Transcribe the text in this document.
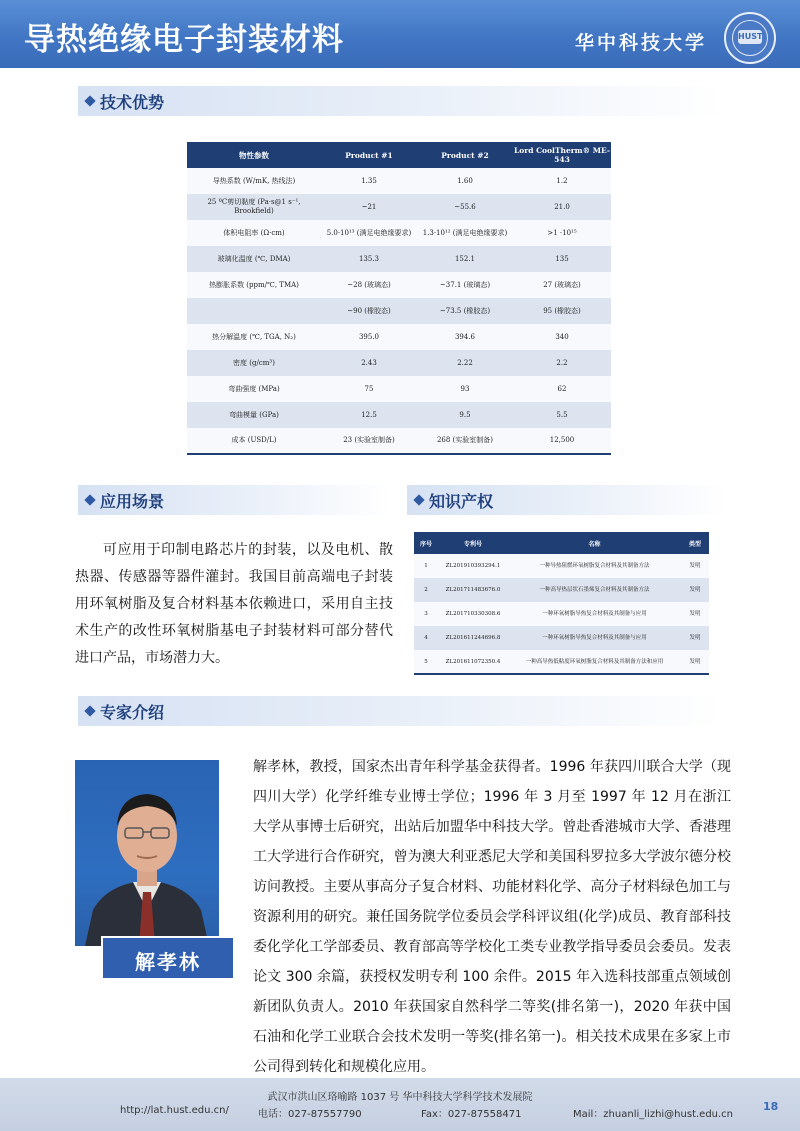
导热绝缘电子封装材料	华中科技大学	HUST
技术优势
物性参数	Product #1	Product #2	Lord CoolTherm® ME-543
导热系数 (W/mK, 热线法)	1.35	1.60	1.2
25 ºC剪切黏度 (Pa·s@1 s⁻¹, Brookfield)	~21	~55.6	21.0
体积电阻率 (Ω·cm)	5.0·10¹³ (满足电绝缘要求)	1.3·10¹² (满足电绝缘要求)	>1 ·10¹⁵
玻璃化温度 (℃, DMA)	135.3	152.1	135
热膨胀系数 (ppm/℃, TMA)	~28 (玻璃态)	~37.1 (玻璃态)	27 (玻璃态)
	~90 (橡胶态)	~73.5 (橡胶态)	95 (橡胶态)
热分解温度 (℃, TGA, N₂)	395.0	394.6	340
密度 (g/cm³)	2.43	2.22	2.2
弯曲强度 (MPa)	75	93	62
弯曲模量 (GPa)	12.5	9.5	5.5
成本 (USD/L)	23 (实验室制备)	268 (实验室制备)	12,500
应用场景
可应用于印制电路芯片的封装，以及电机、散热器、传感器等器件灌封。我国目前高端电子封装用环氧树脂及复合材料基本依赖进口，采用自主技术生产的改性环氧树脂基电子封装材料可部分替代进口产品，市场潜力大。
知识产权
序号	专利号	名称	类型
1	ZL201910393294.1	一种导热阻燃环氧树脂复合材料及其制备方法	发明
2	ZL201711483676.0	一种高导热层状石墨烯复合材料及其制备方法	发明
3	ZL201710330308.6	一种环氧树脂导热复合材料及其制备与应用	发明
4	ZL201611244696.8	一种环氧树脂导热复合材料及其制备与应用	发明
5	ZL201611072350.4	一种高导热低粘度环氧树脂复合材料及其制备方法和应用	发明
专家介绍
解孝林
解孝林，教授，国家杰出青年科学基金获得者。1996 年获四川联合大学（现四川大学）化学纤维专业博士学位；1996 年 3 月至 1997 年 12 月在浙江大学从事博士后研究，出站后加盟华中科技大学。曾赴香港城市大学、香港理工大学进行合作研究，曾为澳大利亚悉尼大学和美国科罗拉多大学波尔德分校访问教授。主要从事高分子复合材料、功能材料化学、高分子材料绿色加工与资源利用的研究。兼任国务院学位委员会学科评议组(化学)成员、教育部科技委化学化工学部委员、教育部高等学校化工类专业教学指导委员会委员。发表论文 300 余篇，获授权发明专利 100 余件。2015 年入选科技部重点领域创新团队负责人。2010 年获国家自然科学二等奖(排名第一)，2020 年获中国石油和化学工业联合会技术发明一等奖(排名第一)。相关技术成果在多家上市公司得到转化和规模化应用。
武汉市洪山区珞喻路 1037 号 华中科技大学科学技术发展院
http://lat.hust.edu.cn/	电话：027-87557790	Fax：027-87558471	Mail：zhuanli_lizhi@hust.edu.cn
18
